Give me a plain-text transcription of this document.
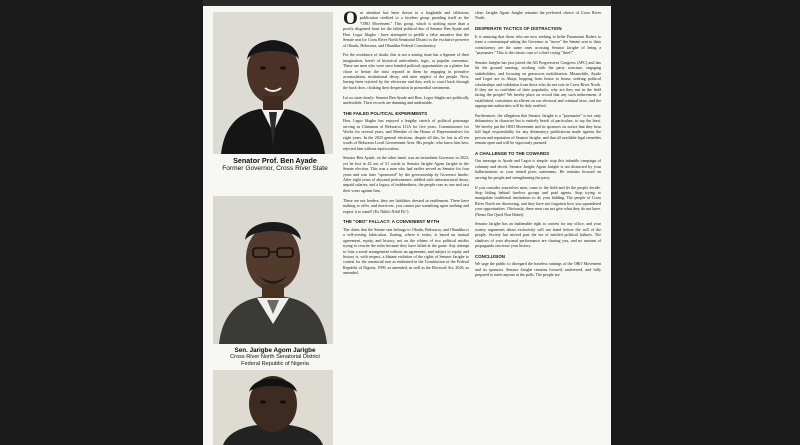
Senator Prof. Ben Ayade
Former Governor, Cross River State
Sen. Jarigbe Agom Jarigbe
Cross River North Senatorial District
Federal Republic of Nigeria

Our attention has been drawn to a laughable and fallacious publication credited to a faceless group parading itself as the "OBO Movement." This group, which is nothing more than a poorly disguised front for the failed political duo of Senator Ben Ayade and Hon. Legor Idagbo - have attempted to peddle a false narrative that the Senate seat for Cross River North Senatorial District is the exclusive preserve of Obudu, Bekwarra, and Obanliku Federal Constituency.

For the avoidance of doubt, this is not a zoning issue but a figment of their imagination, bereft of historical antecedents, logic, or popular consensus. These are men who were once handed political opportunities on a platter but chose to betray the trust reposed in them by engaging in primitive accumulation, institutional decay, and utter neglect of the people. Now, having been rejected by the electorate and they seek to crawl back through the back door, cloaking their desperation in primordial sentiments.

Let us state clearly: Senator Ben Ayade and Hon. Legor Idagbo are politically unelectable. Their records are damning and undeniable.

THE FAILED POLITICAL EXPERIMENTS

Hon. Legor Idagbo has enjoyed a lengthy stretch of political patronage serving as Chairman of Bekwarra LGA for five years, Commissioner for Works for several years, and Member of the House of Representatives for eight years. In the 2023 general elections, despite all this, he lost in all ten wards of Bekwarra Local Government Area. His people, who know him best, rejected him without equivocation.

Senator Ben Ayade, on the other hand, was an incumbent Governor in 2023, yet he lost in 42 out of 51 wards to Senator Jarigbe Agom Jarigbe in the Senate election. This was a man who had earlier served as Senator for four years and was later "sponsored" by the governorship by Governor Imoke. After eight years of abysmal performance, riddled with infrastructural decay, unpaid salaries, and a legacy of indebtedness, the people rose as one and cast their votes against him.

These are not leaders; they are liabilities dressed in entitlement. There have nothing to offer, and moreover, you cannot put something upon nothing and expect it to stand? (Ex Nihilo Nihil Fit").

THE "OBO" FALLACY: A CONVENIENT MYTH

The claim that the Senate seat belongs to Obudu, Bekwarra, and Obanliku is a self-serving fabrication. Zoning, where it exists, is based on mutual agreement, equity, and history, not on the whims of two political misfits trying to rewrite the rules because they have failed at the game. Any attempt to foist a zonal arrangement without an agreement, and subject to equity and history is, with respect, a blatant violation of the rights of Senator Jarigbe to contest for the senatorial seat as enshrined in the Constitution of the Federal Republic of Nigeria, 1999, as amended, as well as the Electoral Act, 2026, as amended.

clear: Jarigbe Agom Jarigbe remains the preferred choice of Cross River North.

DESPERATE TACTICS OF DISTRACTION

It is amusing that those who are now seeking to bribe Paramount Rulers to issue a communiqué asking the Governor to "move" the Senate seat to their constituency are the same ones accusing Senator Jarigbe of being a "paymaster." This is the classic case of a thief crying "thief!"

Senator Jarigbe has just joined the All Progressives Congress (APC) and has hit the ground running, working with the party structure, engaging stakeholders, and focusing on grassroots mobilization. Meanwhile, Ayade and Legor are in Abuja, hopping from house to house, seeking political scholarships and validation from those who do not vote in Cross River North. If they are so confident of their popularity, why are they not in the field facing the people? We hereby place on record that any such inducement, if established, constitutes an affront on our electoral and criminal laws, and the appropriate authorities will be duly notified.

Furthermore, the allegation that Senator Jarigbe is a "paymaster" is not only defamatory in character but is entirely bereft of particulars, to say the least. We hereby put the OBO Movement and its sponsors on notice that they bear full legal responsibility for any defamatory publications made against the person and reputation of Senator Jarigbe, and that all available legal remedies remain open and will be vigorously pursued.

A CHALLENGE TO THE COWARDS

Our message to Ayade and Legor is simple: stop this infantile campaign of calumny and deceit. Senator Jarigbe Agom Jarigbe is not distracted by your hallucinations or your rented press statements. He remains focused on serving his people and strengthening the party.

If you consider yourselves men, come to the field and let the people decide. Stop hiding behind faceless groups and paid agents. Stop trying to manipulate traditional institutions to do your bidding. The people of Cross River North are discerning, and they have not forgotten how you squandered your opportunities. Obviously, these men can not give what they do not have. (Nemo Dat Quod Non Habet).

Senator Jarigbe has an inalienable right to contest for any office, and your watery arguments about exclusivity will not stand before the will of the people. Society has moved past the era of entitled political failures. The shadows of your abysmal performance are chasing you, and no amount of propaganda can erase your history.

CONCLUSION

We urge the public to disregard the baseless rantings of the OBO Movement and its sponsors. Senator Jarigbe remains focused, undeterred, and fully prepared to meet anyone at the polls. The people are
